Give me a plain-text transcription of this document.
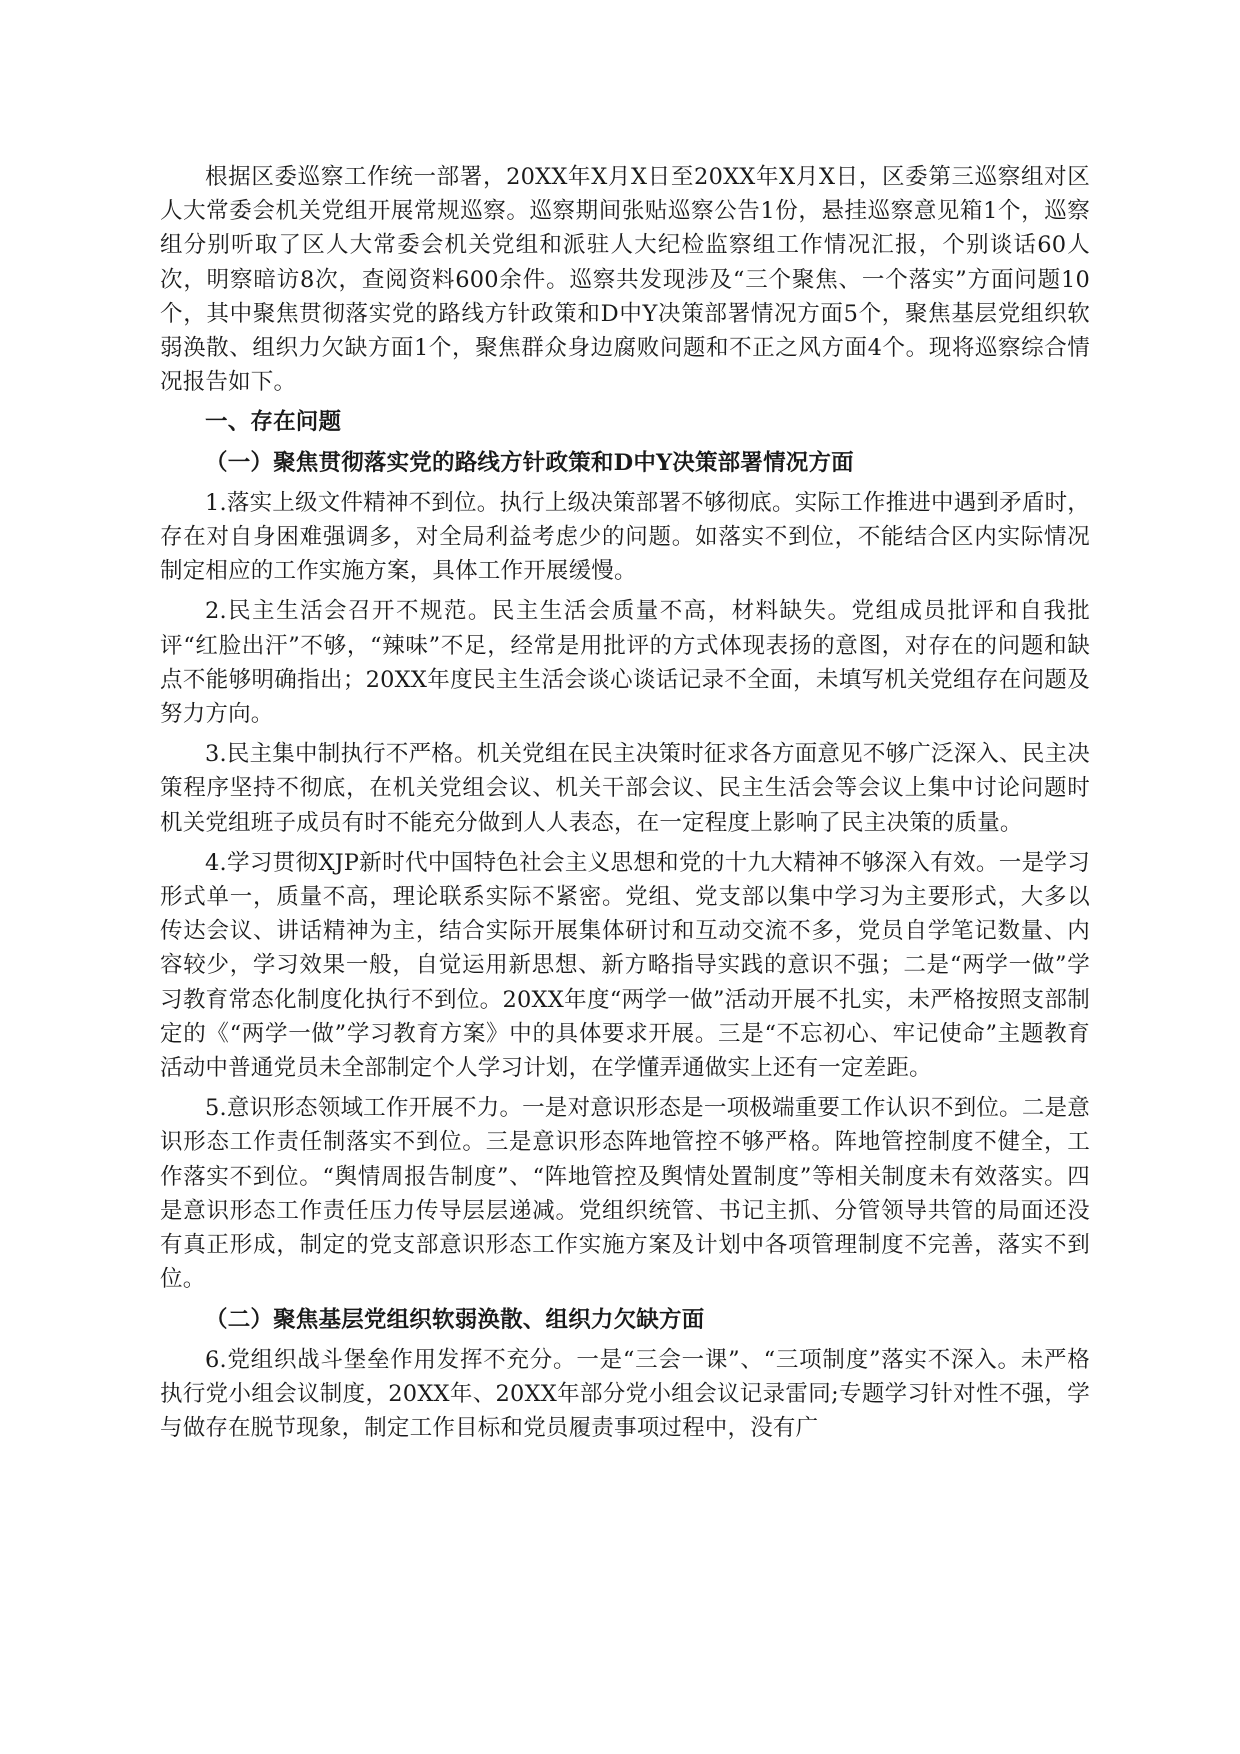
根据区委巡察工作统一部署，20XX年X月X日至20XX年X月X日，区委第三巡察组对区人大常委会机关党组开展常规巡察。巡察期间张贴巡察公告1份，悬挂巡察意见箱1个，巡察组分别听取了区人大常委会机关党组和派驻人大纪检监察组工作情况汇报，个别谈话60人次，明察暗访8次，查阅资料600余件。巡察共发现涉及“三个聚焦、一个落实”方面问题10个，其中聚焦贯彻落实党的路线方针政策和D中Y决策部署情况方面5个，聚焦基层党组织软弱涣散、组织力欠缺方面1个，聚焦群众身边腐败问题和不正之风方面4个。现将巡察综合情况报告如下。

一、存在问题

（一）聚焦贯彻落实党的路线方针政策和D中Y决策部署情况方面

1.落实上级文件精神不到位。执行上级决策部署不够彻底。实际工作推进中遇到矛盾时，存在对自身困难强调多，对全局利益考虑少的问题。如落实不到位，不能结合区内实际情况制定相应的工作实施方案，具体工作开展缓慢。

2.民主生活会召开不规范。民主生活会质量不高，材料缺失。党组成员批评和自我批评“红脸出汗”不够，“辣味”不足，经常是用批评的方式体现表扬的意图，对存在的问题和缺点不能够明确指出；20XX年度民主生活会谈心谈话记录不全面，未填写机关党组存在问题及努力方向。

3.民主集中制执行不严格。机关党组在民主决策时征求各方面意见不够广泛深入、民主决策程序坚持不彻底，在机关党组会议、机关干部会议、民主生活会等会议上集中讨论问题时机关党组班子成员有时不能充分做到人人表态，在一定程度上影响了民主决策的质量。

4.学习贯彻XJP新时代中国特色社会主义思想和党的十九大精神不够深入有效。一是学习形式单一，质量不高，理论联系实际不紧密。党组、党支部以集中学习为主要形式，大多以传达会议、讲话精神为主，结合实际开展集体研讨和互动交流不多，党员自学笔记数量、内容较少，学习效果一般，自觉运用新思想、新方略指导实践的意识不强；二是“两学一做”学习教育常态化制度化执行不到位。20XX年度“两学一做”活动开展不扎实，未严格按照支部制定的《“两学一做”学习教育方案》中的具体要求开展。三是“不忘初心、牢记使命”主题教育活动中普通党员未全部制定个人学习计划，在学懂弄通做实上还有一定差距。

5.意识形态领域工作开展不力。一是对意识形态是一项极端重要工作认识不到位。二是意识形态工作责任制落实不到位。三是意识形态阵地管控不够严格。阵地管控制度不健全，工作落实不到位。“舆情周报告制度”、“阵地管控及舆情处置制度”等相关制度未有效落实。四是意识形态工作责任压力传导层层递减。党组织统管、书记主抓、分管领导共管的局面还没有真正形成，制定的党支部意识形态工作实施方案及计划中各项管理制度不完善，落实不到位。

（二）聚焦基层党组织软弱涣散、组织力欠缺方面

6.党组织战斗堡垒作用发挥不充分。一是“三会一课”、“三项制度”落实不深入。未严格执行党小组会议制度，20XX年、20XX年部分党小组会议记录雷同;专题学习针对性不强，学与做存在脱节现象，制定工作目标和党员履责事项过程中，没有广
